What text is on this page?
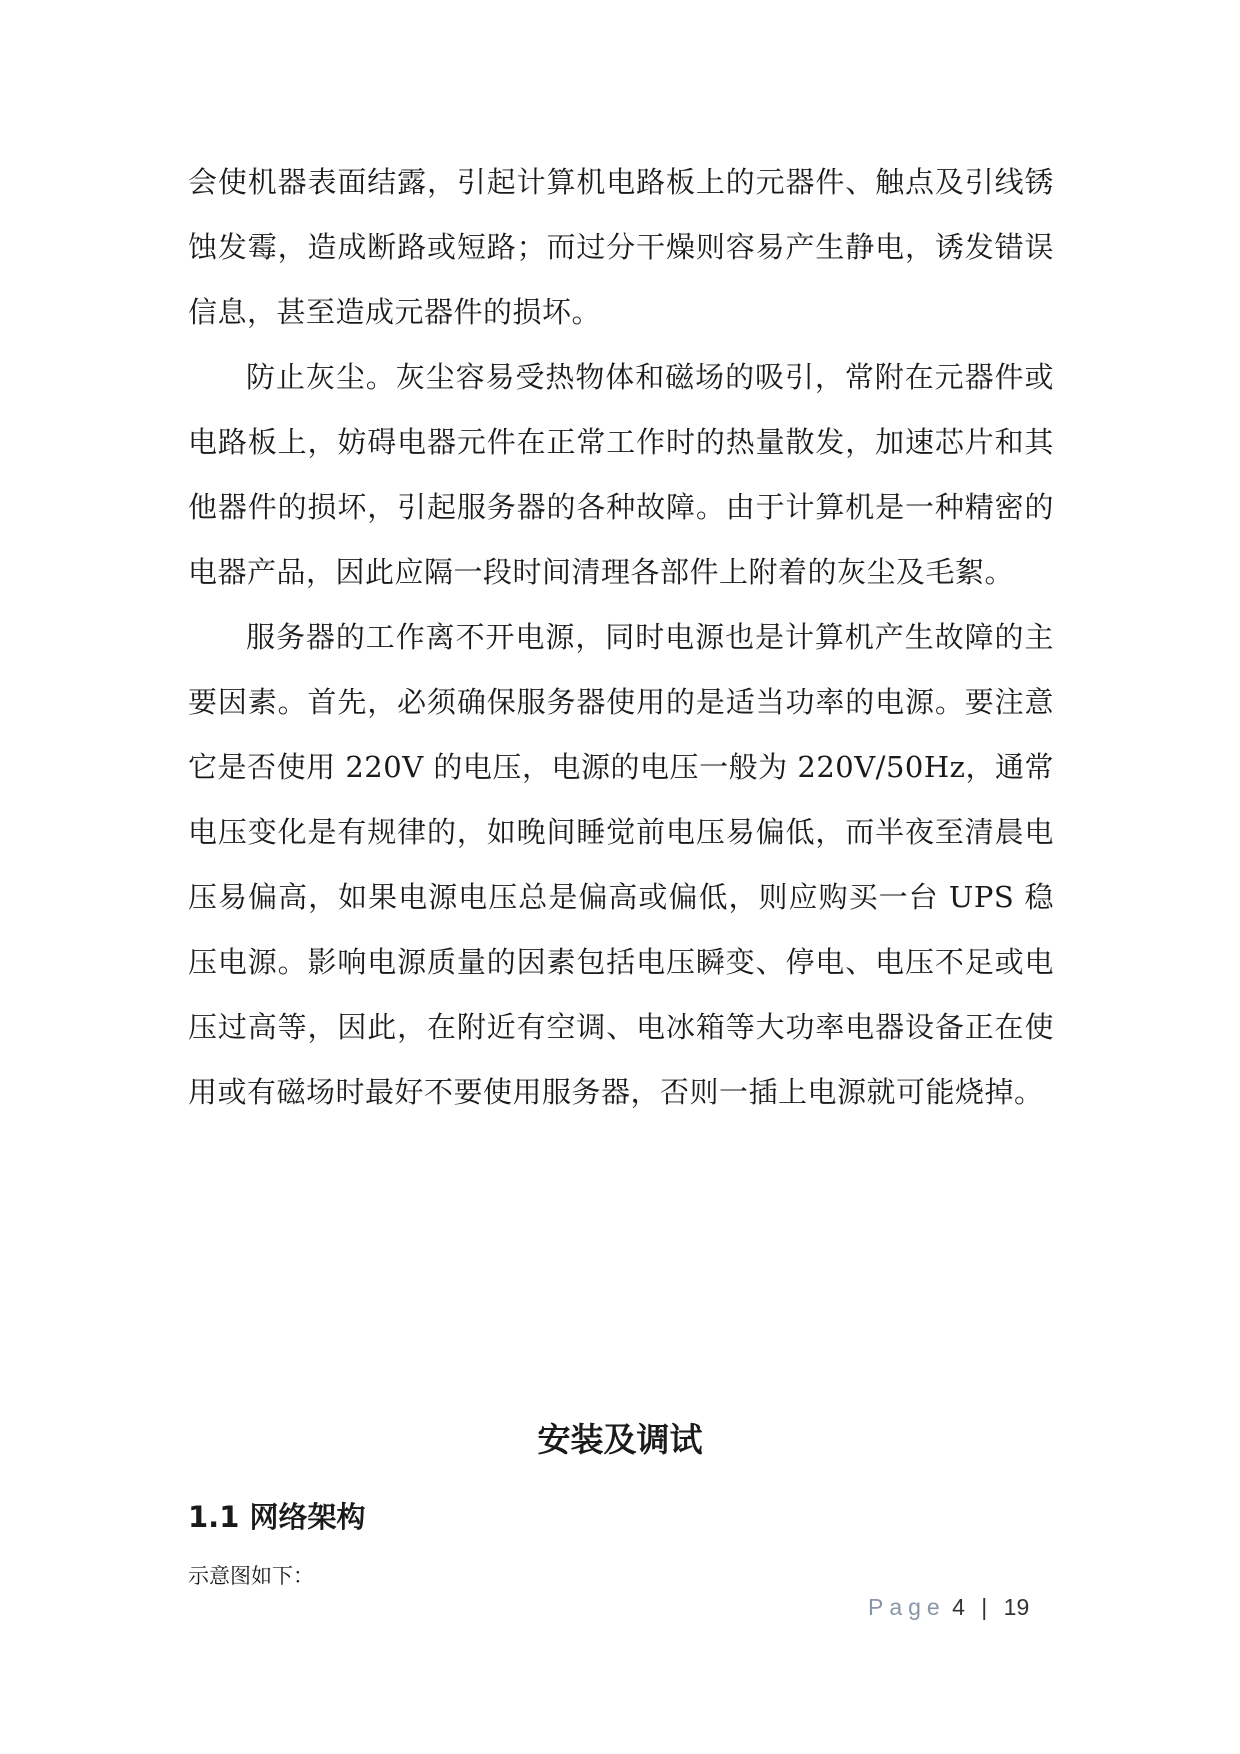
会使机器表面结露，引起计算机电路板上的元器件、触点及引线锈蚀发霉，造成断路或短路；而过分干燥则容易产生静电，诱发错误信息，甚至造成元器件的损坏。

防止灰尘。灰尘容易受热物体和磁场的吸引，常附在元器件或电路板上，妨碍电器元件在正常工作时的热量散发，加速芯片和其他器件的损坏，引起服务器的各种故障。由于计算机是一种精密的电器产品，因此应隔一段时间清理各部件上附着的灰尘及毛絮。

服务器的工作离不开电源，同时电源也是计算机产生故障的主要因素。首先，必须确保服务器使用的是适当功率的电源。要注意它是否使用 220V 的电压，电源的电压一般为 220V/50Hz，通常电压变化是有规律的，如晚间睡觉前电压易偏低，而半夜至清晨电压易偏高，如果电源电压总是偏高或偏低，则应购买一台 UPS 稳压电源。影响电源质量的因素包括电压瞬变、停电、电压不足或电压过高等，因此，在附近有空调、电冰箱等大功率电器设备正在使用或有磁场时最好不要使用服务器，否则一插上电源就可能烧掉。

安装及调试
1.1 网络架构
示意图如下：
Page 4 | 19
